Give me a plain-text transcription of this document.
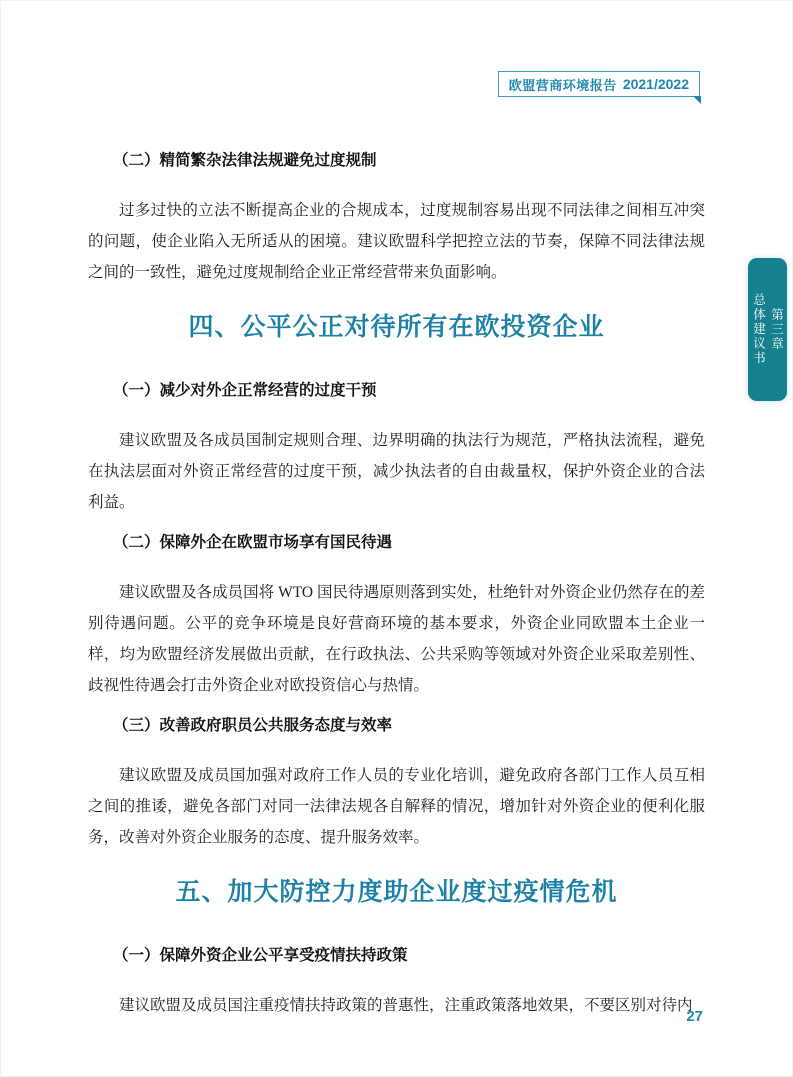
欧盟营商环境报告 2021/2022
第三章
总体建议书
（二）精简繁杂法律法规避免过度规制

过多过快的立法不断提高企业的合规成本，过度规制容易出现不同法律之间相互冲突的问题，使企业陷入无所适从的困境。建议欧盟科学把控立法的节奏，保障不同法律法规之间的一致性，避免过度规制给企业正常经营带来负面影响。

四、公平公正对待所有在欧投资企业
（一）减少对外企正常经营的过度干预

建议欧盟及各成员国制定规则合理、边界明确的执法行为规范，严格执法流程，避免在执法层面对外资正常经营的过度干预，减少执法者的自由裁量权，保护外资企业的合法利益。

（二）保障外企在欧盟市场享有国民待遇

建议欧盟及各成员国将 WTO 国民待遇原则落到实处，杜绝针对外资企业仍然存在的差别待遇问题。公平的竞争环境是良好营商环境的基本要求，外资企业同欧盟本土企业一样，均为欧盟经济发展做出贡献，在行政执法、公共采购等领域对外资企业采取差别性、歧视性待遇会打击外资企业对欧投资信心与热情。

（三）改善政府职员公共服务态度与效率

建议欧盟及成员国加强对政府工作人员的专业化培训，避免政府各部门工作人员互相之间的推诿，避免各部门对同一法律法规各自解释的情况，增加针对外资企业的便利化服务，改善对外资企业服务的态度、提升服务效率。

五、加大防控力度助企业度过疫情危机
（一）保障外资企业公平享受疫情扶持政策

建议欧盟及成员国注重疫情扶持政策的普惠性，注重政策落地效果，不要区别对待内

27
